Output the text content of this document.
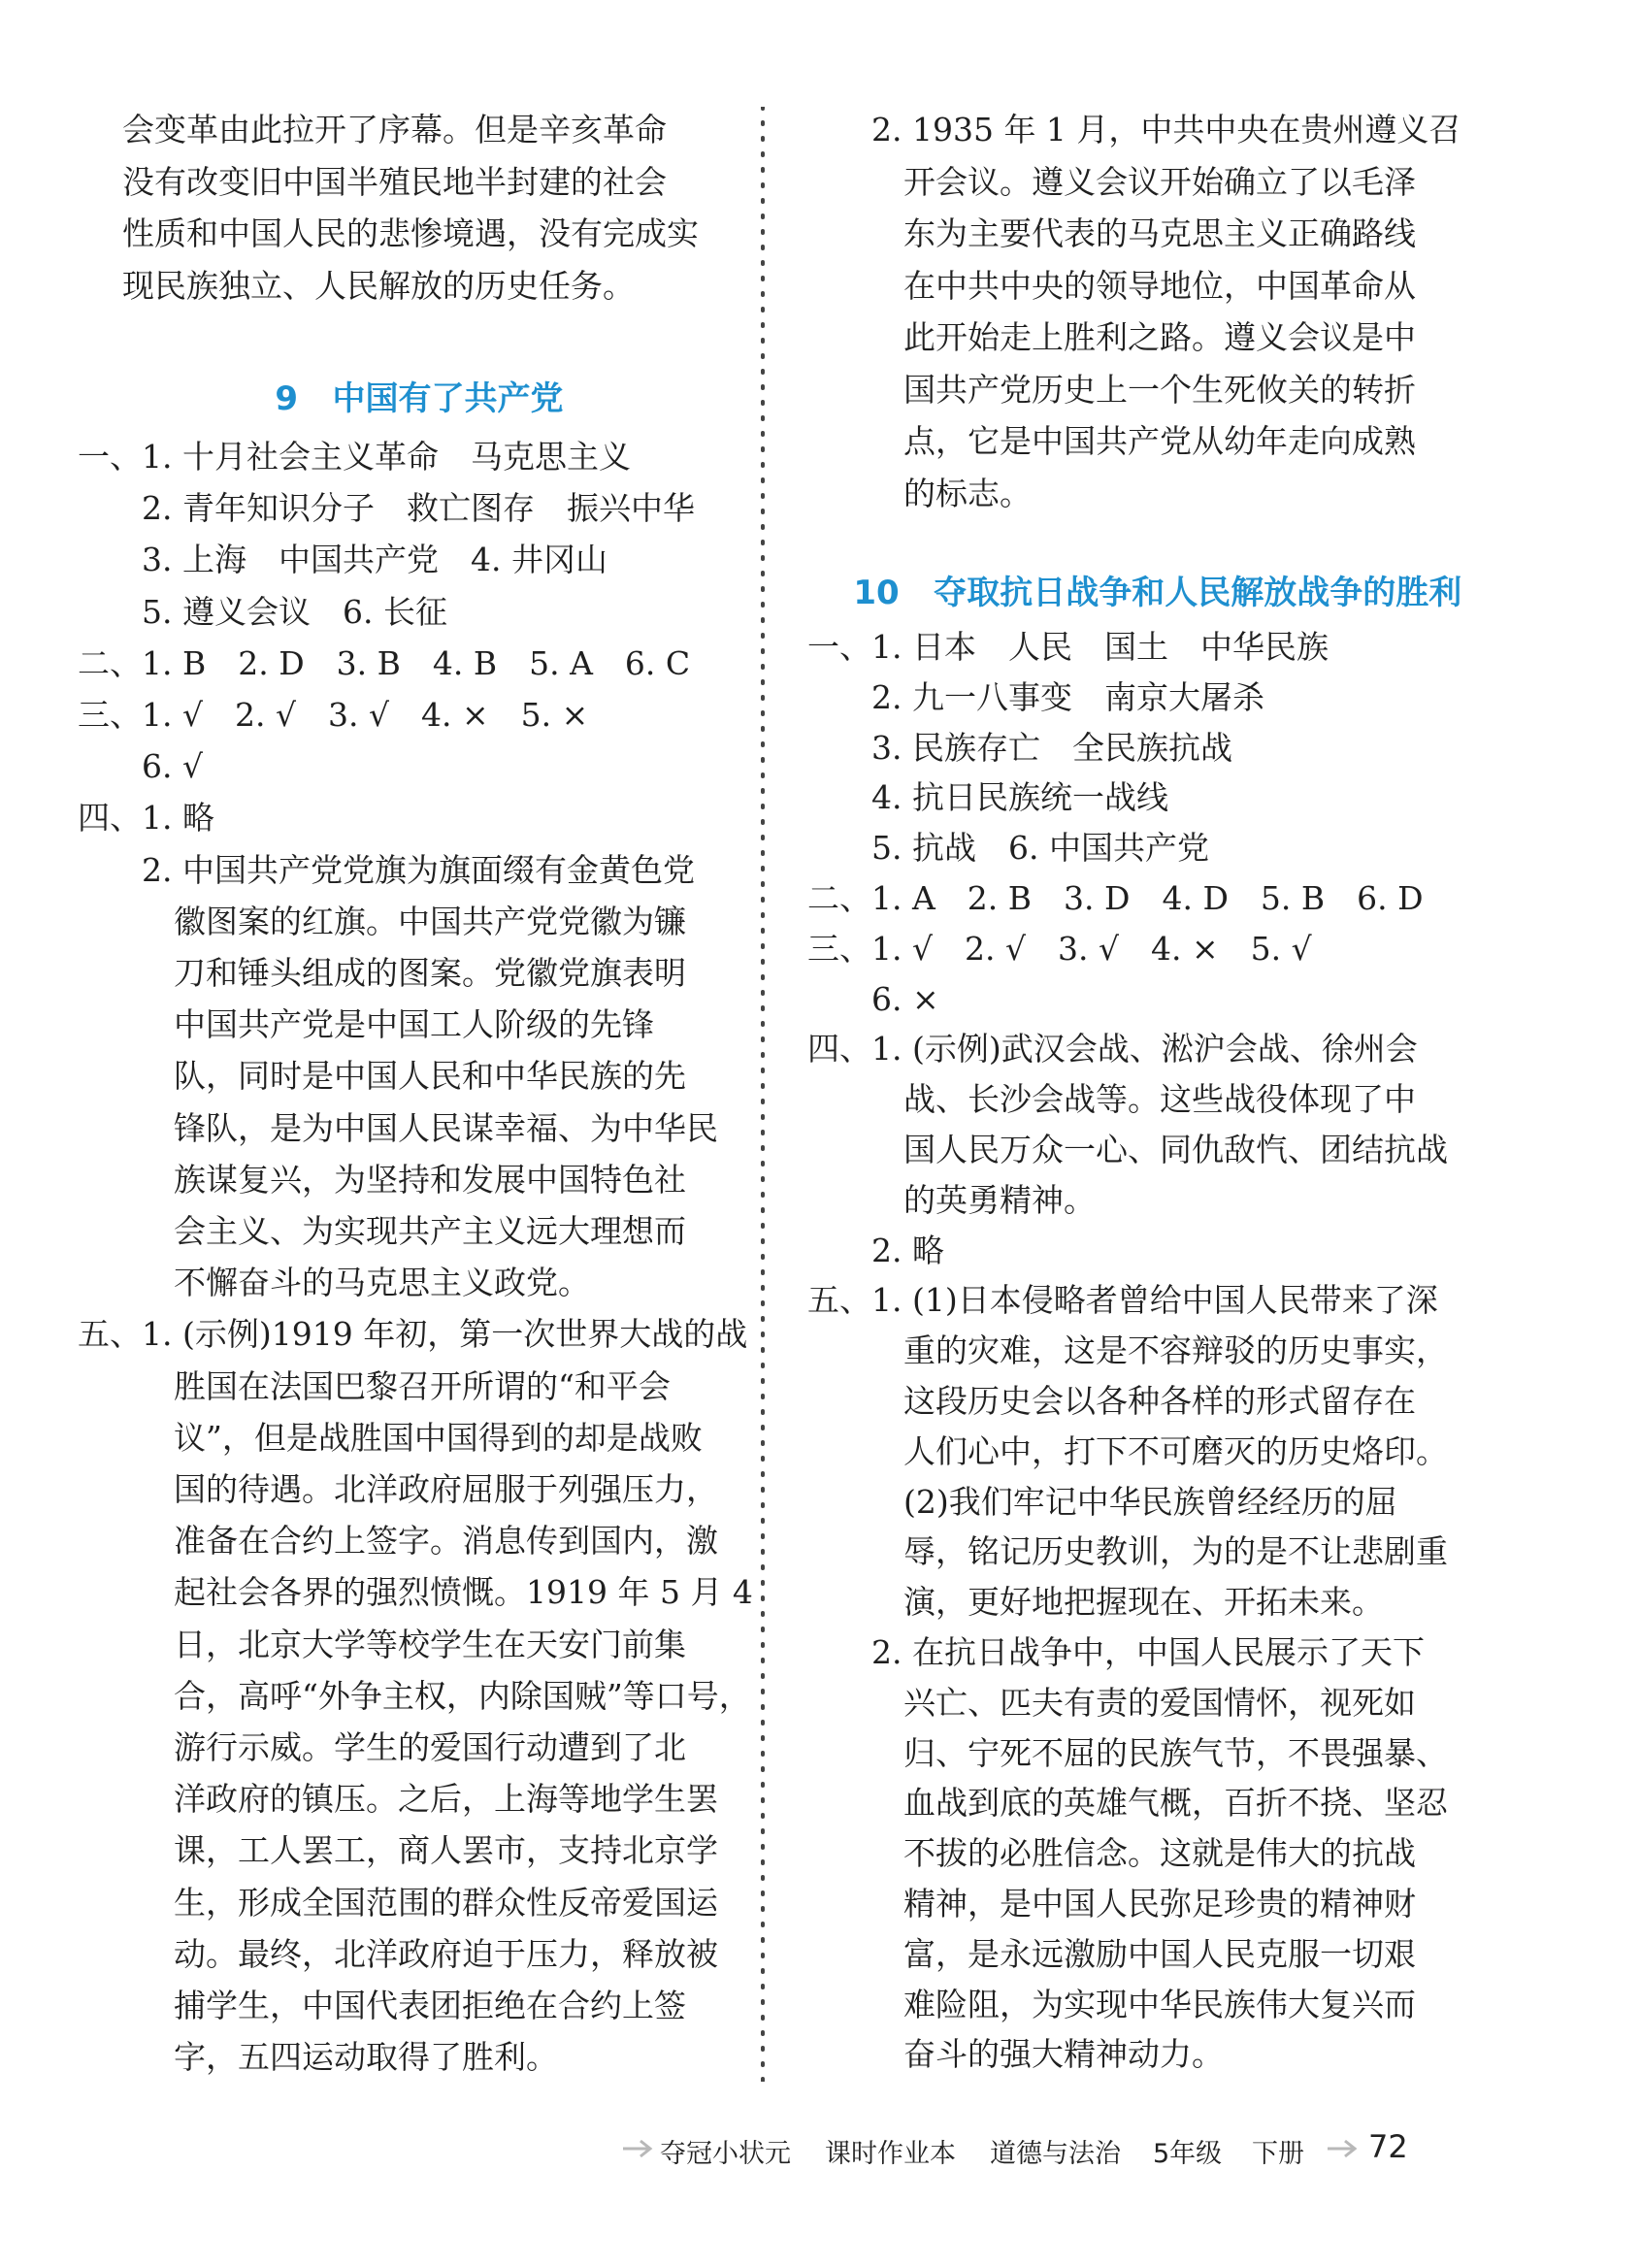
会变革由此拉开了序幕。但是辛亥革命
没有改变旧中国半殖民地半封建的社会
性质和中国人民的悲惨境遇，没有完成实
现民族独立、人民解放的历史任务。

9 中国有了共产党

一、1. 十月社会主义革命　马克思主义
　　2. 青年知识分子　救亡图存　振兴中华
　　3. 上海　中国共产党　4. 井冈山
　　5. 遵义会议　6. 长征
二、1. B　2. D　3. B　4. B　5. A　6. C
三、1. √　2. √　3. √　4. ×　5. ×
　　6. √
四、1. 略
　　2. 中国共产党党旗为旗面缀有金黄色党
　　　徽图案的红旗。中国共产党党徽为镰
　　　刀和锤头组成的图案。党徽党旗表明
　　　中国共产党是中国工人阶级的先锋
　　　队，同时是中国人民和中华民族的先
　　　锋队，是为中国人民谋幸福、为中华民
　　　族谋复兴，为坚持和发展中国特色社
　　　会主义、为实现共产主义远大理想而
　　　不懈奋斗的马克思主义政党。
五、1. (示例)1919 年初，第一次世界大战的战
　　　胜国在法国巴黎召开所谓的“和平会
　　　议”，但是战胜国中国得到的却是战败
　　　国的待遇。北洋政府屈服于列强压力，
　　　准备在合约上签字。消息传到国内，激
　　　起社会各界的强烈愤慨。1919 年 5 月 4
　　　日，北京大学等校学生在天安门前集
　　　合，高呼“外争主权，内除国贼”等口号，
　　　游行示威。学生的爱国行动遭到了北
　　　洋政府的镇压。之后，上海等地学生罢
　　　课，工人罢工，商人罢市，支持北京学
　　　生，形成全国范围的群众性反帝爱国运
　　　动。最终，北洋政府迫于压力，释放被
　　　捕学生，中国代表团拒绝在合约上签
　　　字，五四运动取得了胜利。
　　2. 1935 年 1 月，中共中央在贵州遵义召
　　　开会议。遵义会议开始确立了以毛泽
　　　东为主要代表的马克思主义正确路线
　　　在中共中央的领导地位，中国革命从
　　　此开始走上胜利之路。遵义会议是中
　　　国共产党历史上一个生死攸关的转折
　　　点，它是中国共产党从幼年走向成熟
　　　的标志。

10 夺取抗日战争和人民解放战争的胜利

一、1. 日本　人民　国土　中华民族
　　2. 九一八事变　南京大屠杀
　　3. 民族存亡　全民族抗战
　　4. 抗日民族统一战线
　　5. 抗战　6. 中国共产党
二、1. A　2. B　3. D　4. D　5. B　6. D
三、1. √　2. √　3. √　4. ×　5. √
　　6. ×
四、1. (示例)武汉会战、淞沪会战、徐州会
　　　战、长沙会战等。这些战役体现了中
　　　国人民万众一心、同仇敌忾、团结抗战
　　　的英勇精神。
　　2. 略
五、1. (1)日本侵略者曾给中国人民带来了深
　　　重的灾难，这是不容辩驳的历史事实，
　　　这段历史会以各种各样的形式留存在
　　　人们心中，打下不可磨灭的历史烙印。
　　　(2)我们牢记中华民族曾经经历的屈
　　　辱，铭记历史教训，为的是不让悲剧重
　　　演，更好地把握现在、开拓未来。
　　2. 在抗日战争中，中国人民展示了天下
　　　兴亡、匹夫有责的爱国情怀，视死如
　　　归、宁死不屈的民族气节，不畏强暴、
　　　血战到底的英雄气概，百折不挠、坚忍
　　　不拔的必胜信念。这就是伟大的抗战
　　　精神，是中国人民弥足珍贵的精神财
　　　富，是永远激励中国人民克服一切艰
　　　难险阻，为实现中华民族伟大复兴而
　　　奋斗的强大精神动力。
夺冠小状元 课时作业本 道德与法治 5年级 下册 72
